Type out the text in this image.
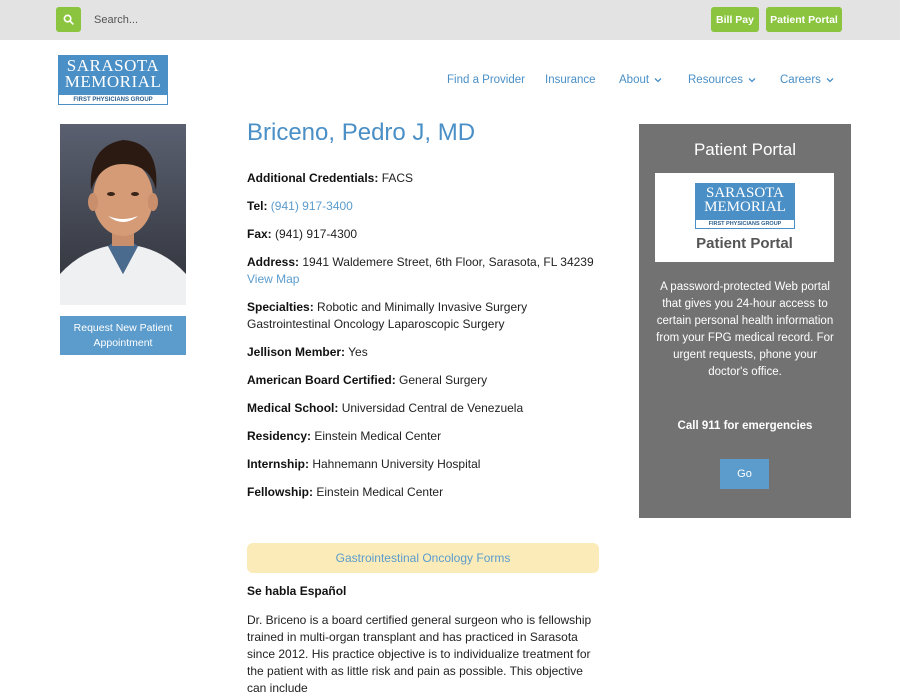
Search...
Bill Pay	Patient Portal
SARASOTA
MEMORIAL
FIRST PHYSICIANS GROUP
Find a Provider Insurance About	Resources	Careers
Request New Patient Appointment
Briceno, Pedro J, MD
Additional Credentials: FACS
Tel: (941) 917-3400
Fax: (941) 917-4300
Address: 1941 Waldemere Street, 6th Floor, Sarasota, FL 34239
View Map
Specialties: Robotic and Minimally Invasive Surgery Gastrointestinal Oncology Laparoscopic Surgery
Jellison Member: Yes
American Board Certified: General Surgery
Medical School: Universidad Central de Venezuela
Residency: Einstein Medical Center
Internship: Hahnemann University Hospital
Fellowship: Einstein Medical Center
Gastrointestinal Oncology Forms
Se habla Español
Dr. Briceno is a board certified general surgeon who is fellowship trained in multi-organ transplant and has practiced in Sarasota since 2012. His practice objective is to individualize treatment for the patient with as little risk and pain as possible. This objective can include
Patient Portal
SARASOTA
MEMORIAL
FIRST PHYSICIANS GROUP
Patient Portal
A password-protected Web portal that gives you 24-hour access to certain personal health information from your FPG medical record. For urgent requests, phone your doctor's office.
Call 911 for emergencies
Go
